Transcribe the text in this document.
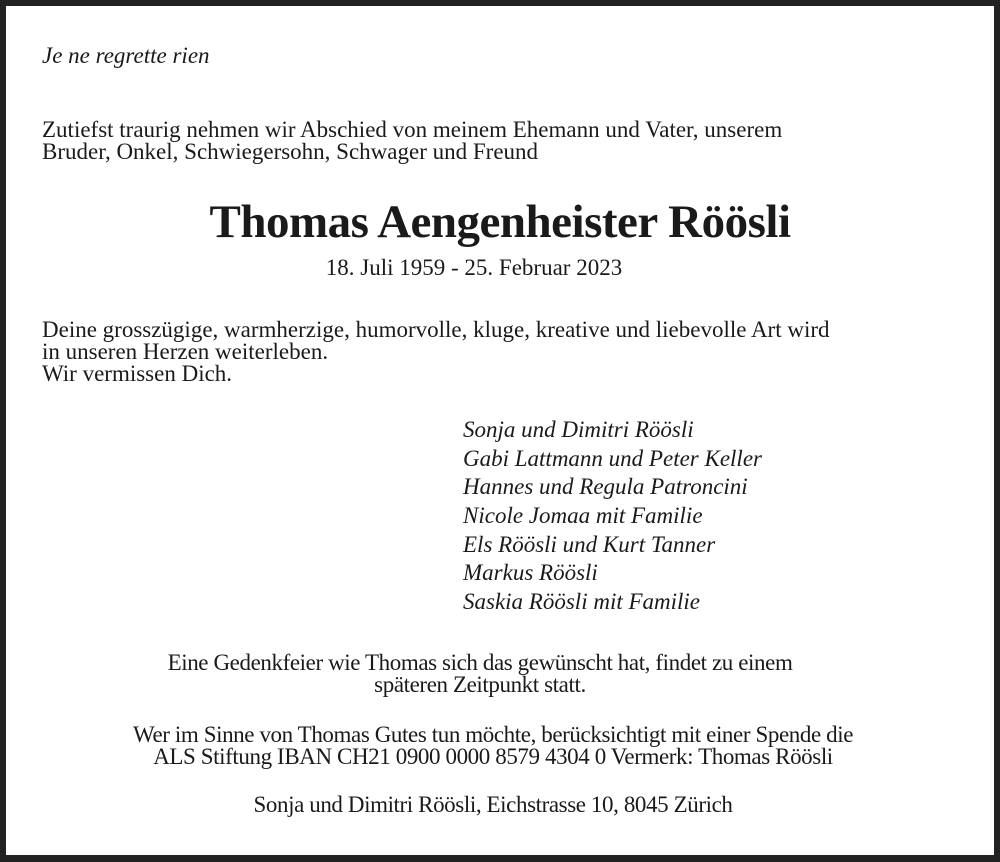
Je ne regrette rien
Zutiefst traurig nehmen wir Abschied von meinem Ehemann und Vater, unserem
Bruder, Onkel, Schwiegersohn, Schwager und Freund
Thomas Aengenheister Röösli
18. Juli 1959 - 25. Februar 2023
Deine grosszügige, warmherzige, humorvolle, kluge, kreative und liebevolle Art wird
in unseren Herzen weiterleben.
Wir vermissen Dich.
Sonja und Dimitri Röösli
Gabi Lattmann und Peter Keller
Hannes und Regula Patroncini
Nicole Jomaa mit Familie
Els Röösli und Kurt Tanner
Markus Röösli
Saskia Röösli mit Familie
Eine Gedenkfeier wie Thomas sich das gewünscht hat, findet zu einem
späteren Zeitpunkt statt.
Wer im Sinne von Thomas Gutes tun möchte, berücksichtigt mit einer Spende die
ALS Stiftung IBAN CH21 0900 0000 8579 4304 0 Vermerk: Thomas Röösli
Sonja und Dimitri Röösli, Eichstrasse 10, 8045 Zürich
